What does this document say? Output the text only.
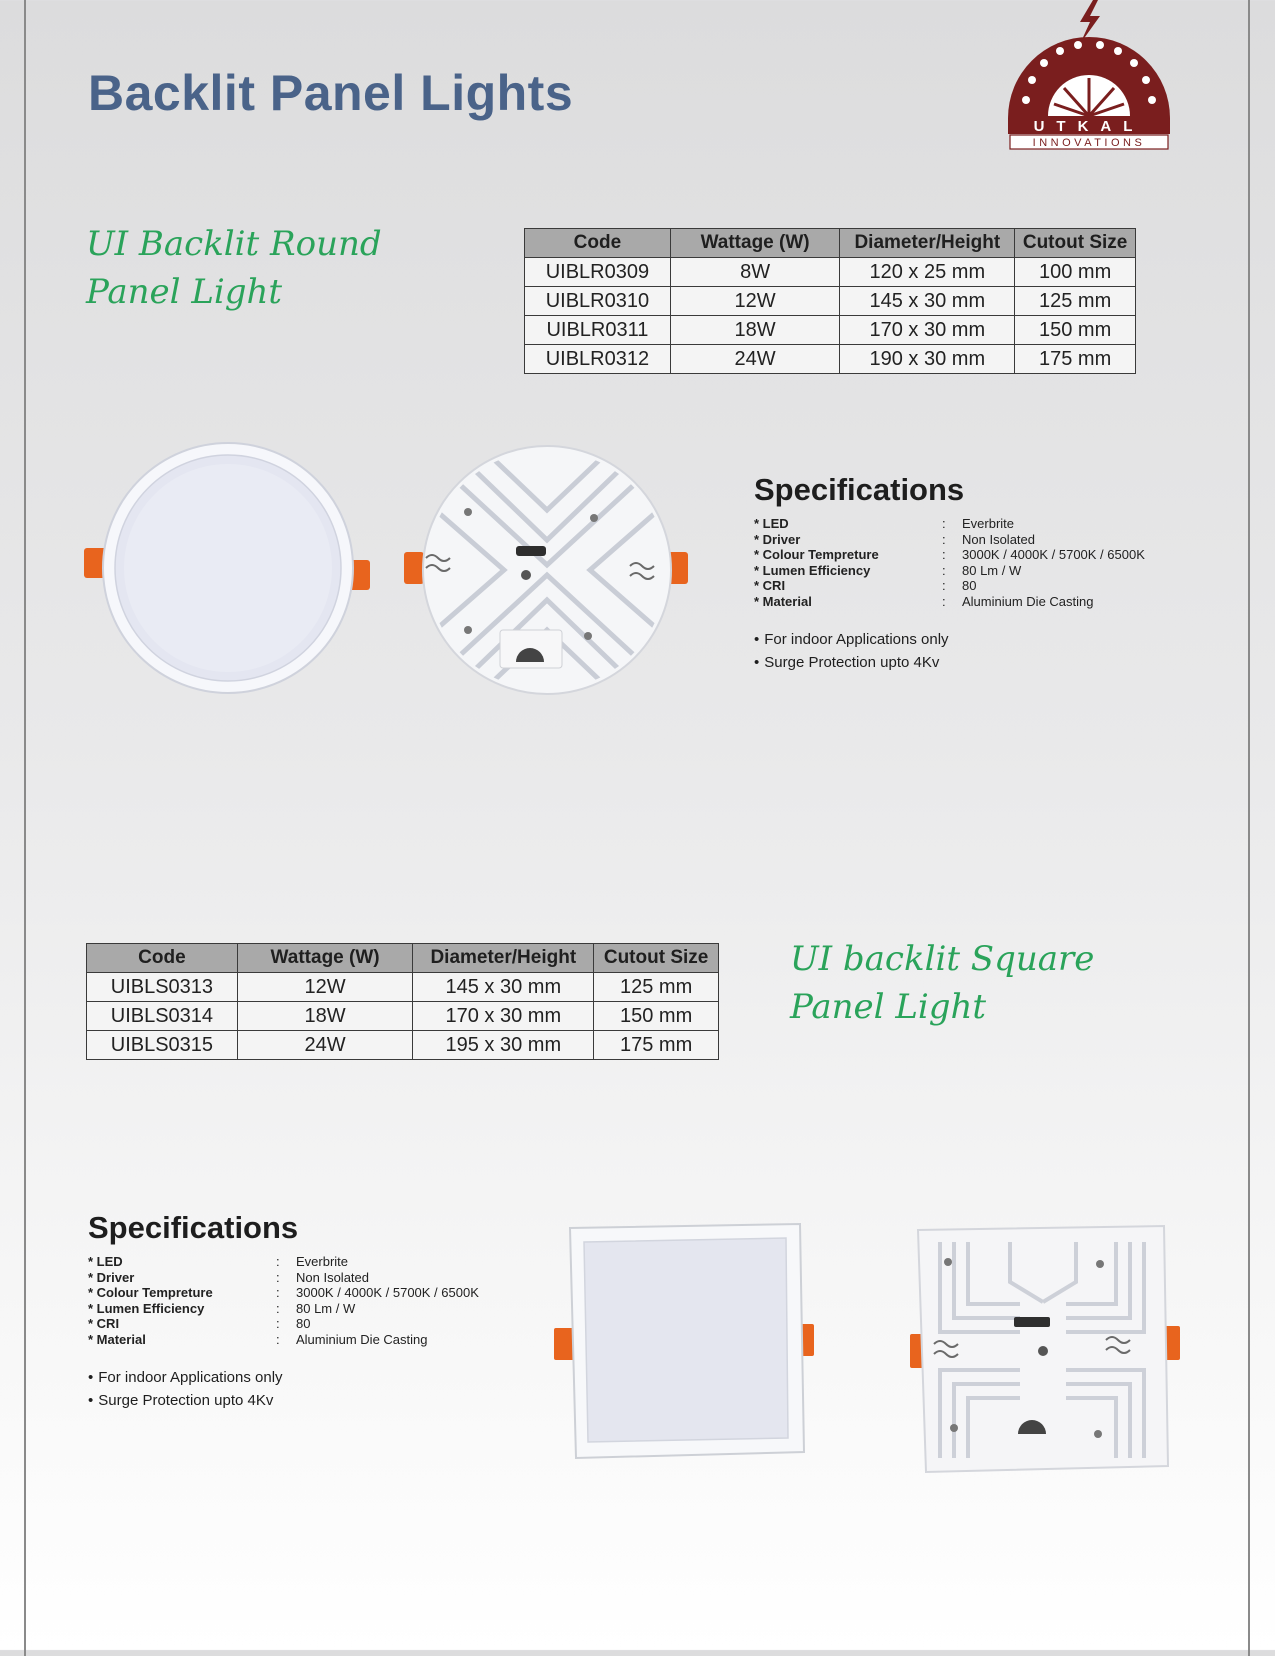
Backlit Panel Lights
UTKAL
INNOVATIONS
UI Backlit Round Panel Light
Code	Wattage (W)	Diameter/Height	Cutout Size
UIBLR0309	8W	120 x 25 mm	100 mm
UIBLR0310	12W	145 x 30 mm	125 mm
UIBLR0311	18W	170 x 30 mm	150 mm
UIBLR0312	24W	190 x 30 mm	175 mm
Specifications
* LED	:	Everbrite
* Driver	:	Non Isolated
* Colour Tempreture	:	3000K / 4000K / 5700K / 6500K
* Lumen Efficiency	:	80 Lm / W
* CRI	:	80
* Material	:	Aluminium Die Casting
• For indoor Applications only
• Surge Protection upto 4Kv
Code	Wattage (W)	Diameter/Height	Cutout Size
UIBLS0313	12W	145 x 30 mm	125 mm
UIBLS0314	18W	170 x 30 mm	150 mm
UIBLS0315	24W	195 x 30 mm	175 mm
UI backlit Square Panel Light
Specifications
* LED	:	Everbrite
* Driver	:	Non Isolated
* Colour Tempreture	:	3000K / 4000K / 5700K / 6500K
* Lumen Efficiency	:	80 Lm / W
* CRI	:	80
* Material	:	Aluminium Die Casting
• For indoor Applications only
• Surge Protection upto 4Kv
